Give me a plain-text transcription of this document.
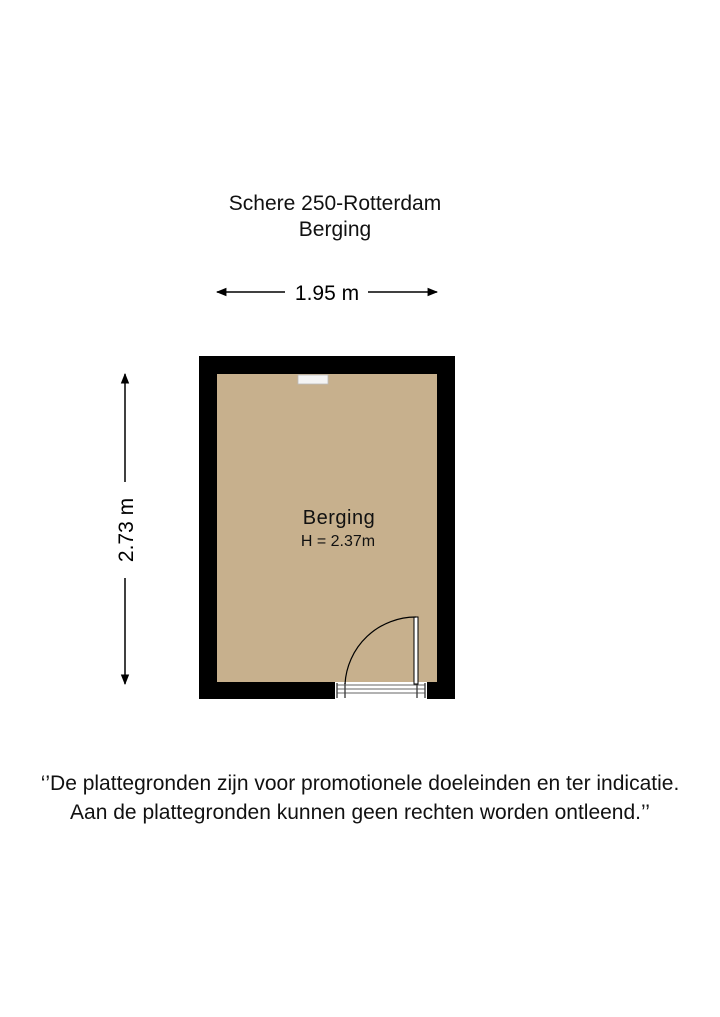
Schere 250-Rotterdam
Berging
1.95 m
2.73 m	Berging
H = 2.37m
‘’De plattegronden zijn voor promotionele doeleinden en ter indicatie.
Aan de plattegronden kunnen geen rechten worden ontleend.’’
